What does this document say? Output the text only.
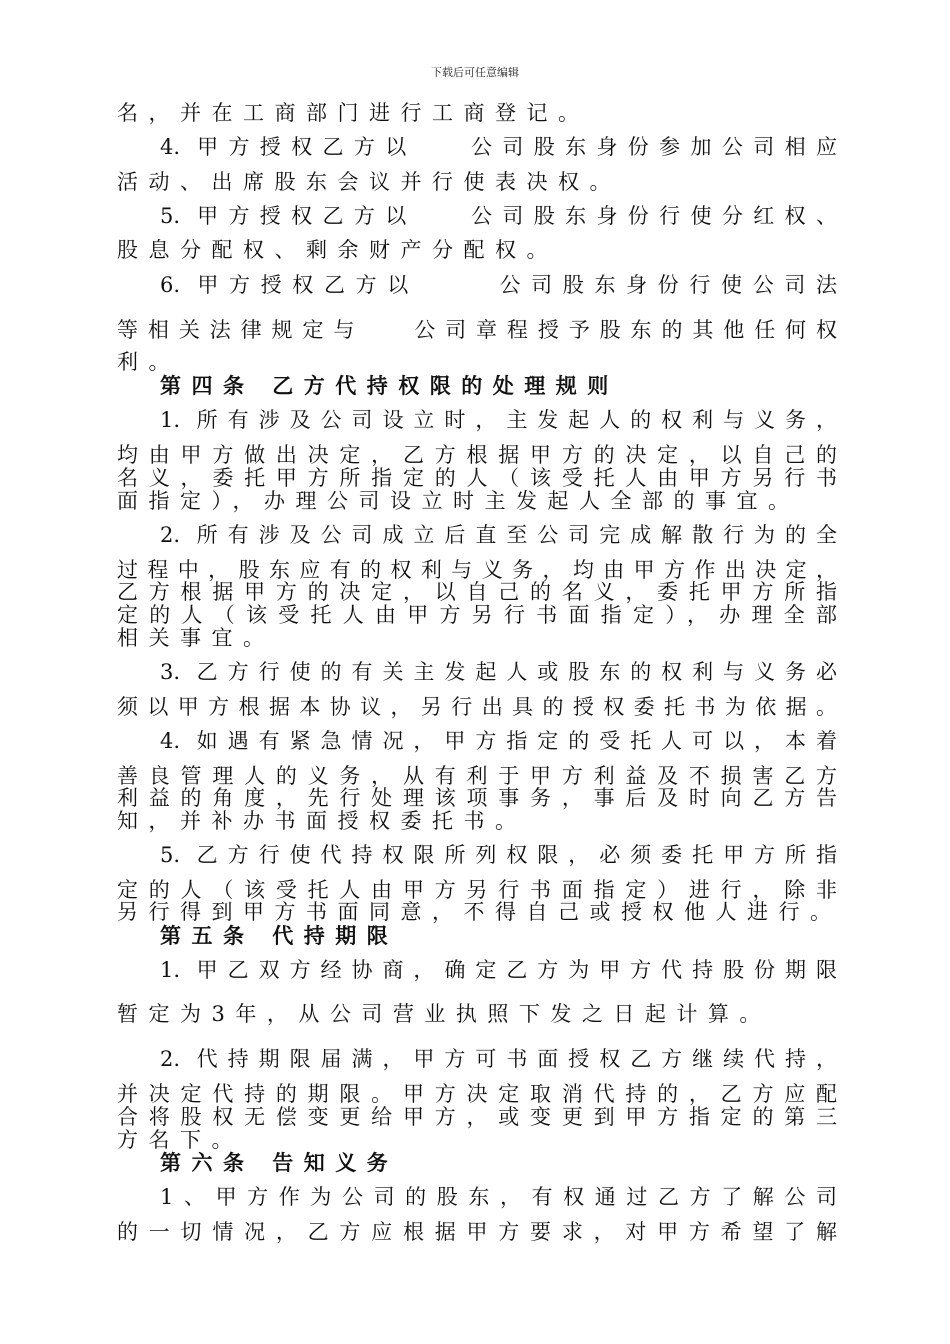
下载后可任意编辑
名，并在工商部门进行工商登记。
4. 甲方授权乙方以 公司股东身份参加公司相应
活动、出席股东会议并行使表决权。
5. 甲方授权乙方以 公司股东身份行使分红权、
股息分配权、剩余财产分配权。
6. 甲方授权乙方以	公司股东身份行使公司法
等相关法律规定与 公司章程授予股东的其他任何权
利。
第四条 乙方代持权限的处理规则
1. 所有涉及公司设立时，主发起人的权利与义务，
均由甲方做出决定，乙方根据甲方的决定，以自己的
名义，委托甲方所指定的人（该受托人由甲方另行书
面指定），办理公司设立时主发起人全部的事宜。
2. 所有涉及公司成立后直至公司完成解散行为的全
过程中，股东应有的权利与义务，均由甲方作出决定，
乙方根据甲方的决定，以自己的名义，委托甲方所指
定的人（该受托人由甲方另行书面指定），办理全部
相关事宜。
3. 乙方行使的有关主发起人或股东的权利与义务必
须以甲方根据本协议，另行出具的授权委托书为依据。
4. 如遇有紧急情况，甲方指定的受托人可以，本着
善良管理人的义务，从有利于甲方利益及不损害乙方
利益的角度，先行处理该项事务，事后及时向乙方告
知，并补办书面授权委托书。
5. 乙方行使代持权限所列权限，必须委托甲方所指
定的人（该受托人由甲方另行书面指定）进行，除非
另行得到甲方书面同意，不得自己或授权他人进行。
第五条 代持期限
1. 甲乙双方经协商，确定乙方为甲方代持股份期限
暂定为3年，从公司营业执照下发之日起计算。
2. 代持期限届满，甲方可书面授权乙方继续代持，
并决定代持的期限。甲方决定取消代持的，乙方应配
合将股权无偿变更给甲方，或变更到甲方指定的第三
方名下。
第六条 告知义务
1、甲方作为公司的股东，有权通过乙方了解公司
的一切情况，乙方应根据甲方要求，对甲方希望了解
